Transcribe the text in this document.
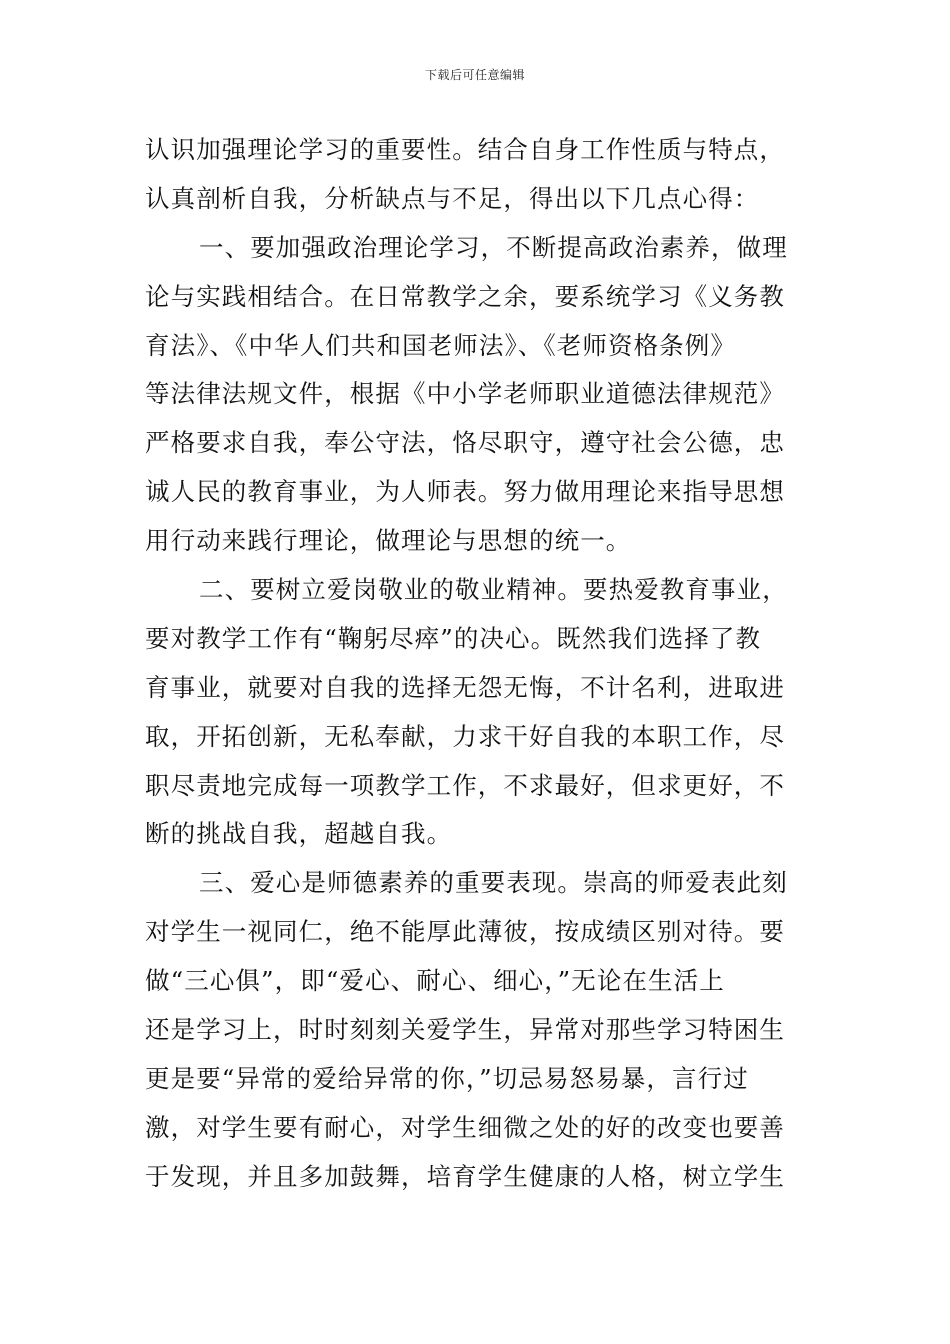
下载后可任意编辑
认识加强理论学习的重要性。结合自身工作性质与特点，
认真剖析自我，分析缺点与不足，得出以下几点心得：
一、要加强政治理论学习，不断提高政治素养，做理
论与实践相结合。在日常教学之余，要系统学习《义务教
育法》、《中华人们共和国老师法》、《老师资格条例》
等法律法规文件，根据《中小学老师职业道德法律规范》
严格要求自我，奉公守法，恪尽职守，遵守社会公德，忠
诚人民的教育事业，为人师表。努力做用理论来指导思想
用行动来践行理论，做理论与思想的统一。
二、要树立爱岗敬业的敬业精神。要热爱教育事业，
要对教学工作有“鞠躬尽瘁”的决心。既然我们选择了教
育事业，就要对自我的选择无怨无悔，不计名利，进取进
取，开拓创新，无私奉献，力求干好自我的本职工作，尽
职尽责地完成每一项教学工作，不求最好，但求更好，不
断的挑战自我，超越自我。
三、爱心是师德素养的重要表现。崇高的师爱表此刻
对学生一视同仁，绝不能厚此薄彼，按成绩区别对待。要
做“三心俱”，即“爱心、耐心、细心，”无论在生活上
还是学习上，时时刻刻关爱学生，异常对那些学习特困生
更是要“异常的爱给异常的你，”切忌易怒易暴，言行过
激，对学生要有耐心，对学生细微之处的好的改变也要善
于发现，并且多加鼓舞，培育学生健康的人格，树立学生
